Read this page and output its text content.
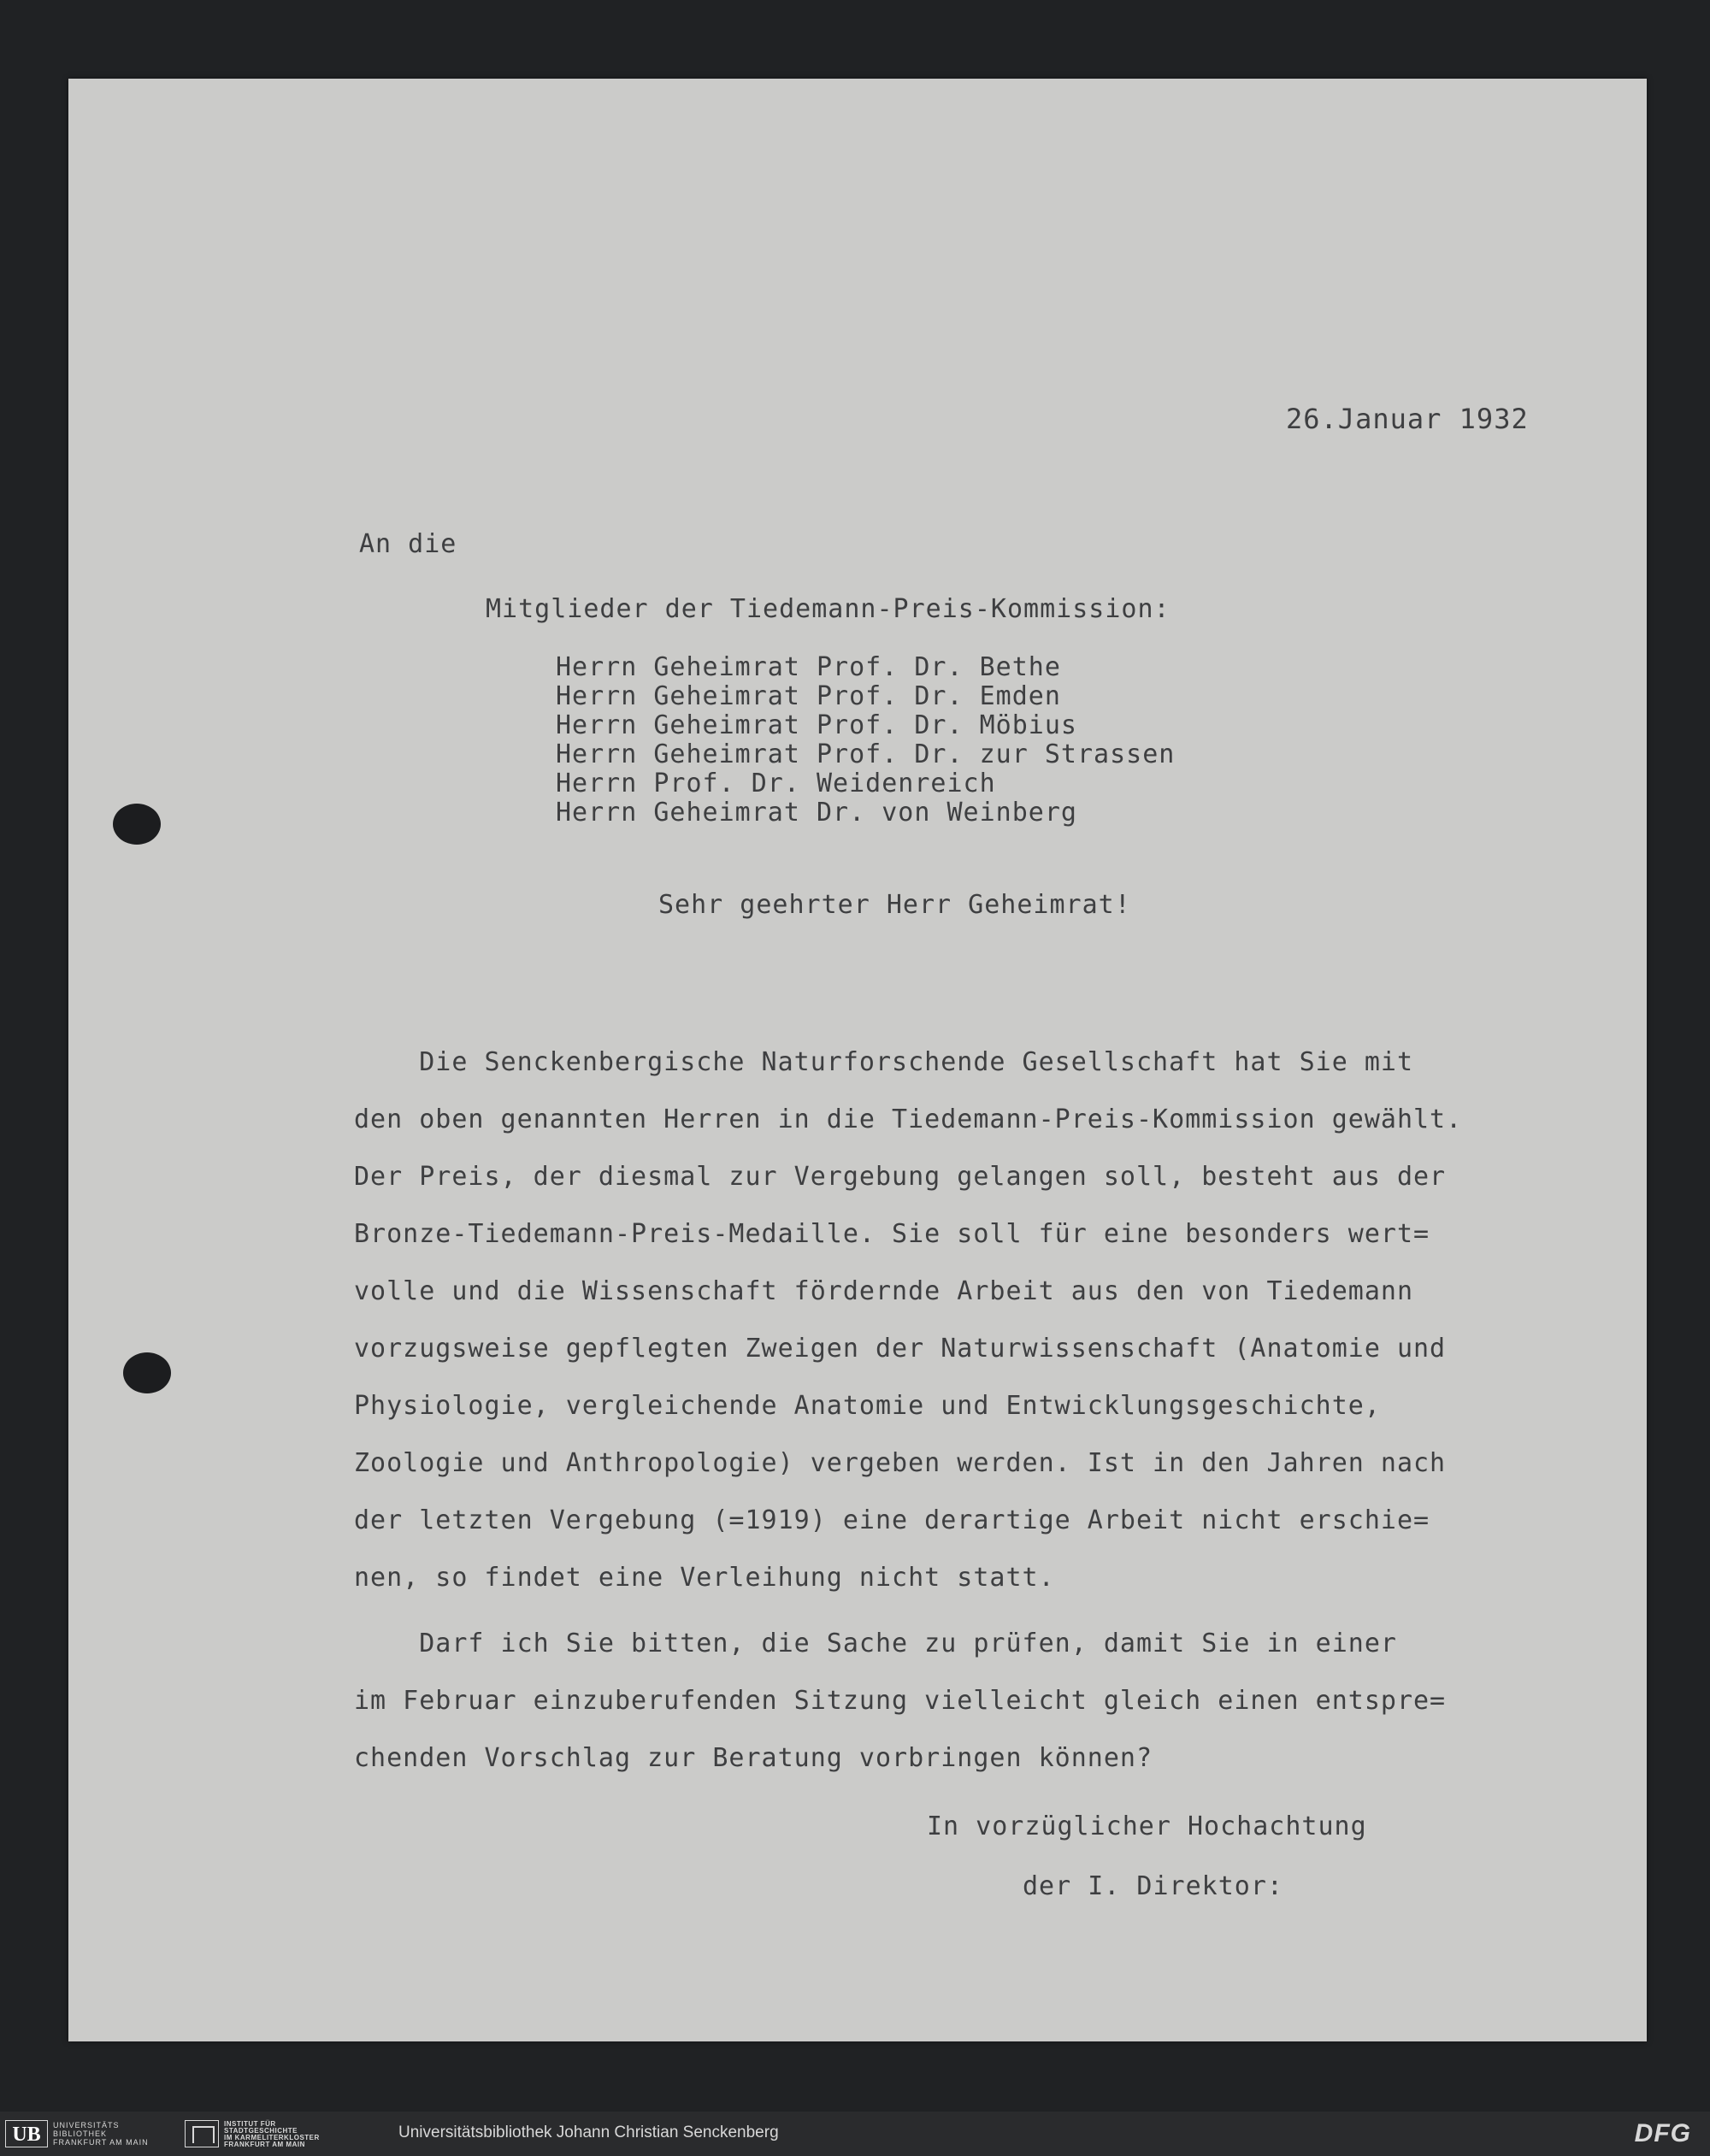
26.Januar 1932
An die
Mitglieder der Tiedemann-Preis-Kommission:
Herrn Geheimrat Prof. Dr. Bethe
Herrn Geheimrat Prof. Dr. Emden
Herrn Geheimrat Prof. Dr. Möbius
Herrn Geheimrat Prof. Dr. zur Strassen
Herrn Prof. Dr. Weidenreich
Herrn Geheimrat Dr. von Weinberg
Sehr geehrter Herr Geheimrat!
Die Senckenbergische Naturforschende Gesellschaft hat Sie mit
den oben genannten Herren in die Tiedemann-Preis-Kommission gewählt.
Der Preis, der diesmal zur Vergebung gelangen soll, besteht aus der
Bronze-Tiedemann-Preis-Medaille. Sie soll für eine besonders wert=
volle und die Wissenschaft fördernde Arbeit aus den von Tiedemann
vorzugsweise gepflegten Zweigen der Naturwissenschaft (Anatomie und
Physiologie, vergleichende Anatomie und Entwicklungsgeschichte,
Zoologie und Anthropologie) vergeben werden. Ist in den Jahren nach
der letzten Vergebung (=1919) eine derartige Arbeit nicht erschie=
nen, so findet eine Verleihung nicht statt.
Darf ich Sie bitten, die Sache zu prüfen, damit Sie in einer
im Februar einzuberufenden Sitzung vielleicht gleich einen entspre=
chenden Vorschlag zur Beratung vorbringen können?
In vorzüglicher Hochachtung
der I. Direktor:
UB	UNIVERSITÄTS
BIBLIOTHEK
FRANKFURT AM MAIN
INSTITUT FÜR
STADTGESCHICHTE
IM KARMELITERKLOSTER
FRANKFURT AM MAIN
Universitätsbibliothek Johann Christian Senckenberg	DFG
